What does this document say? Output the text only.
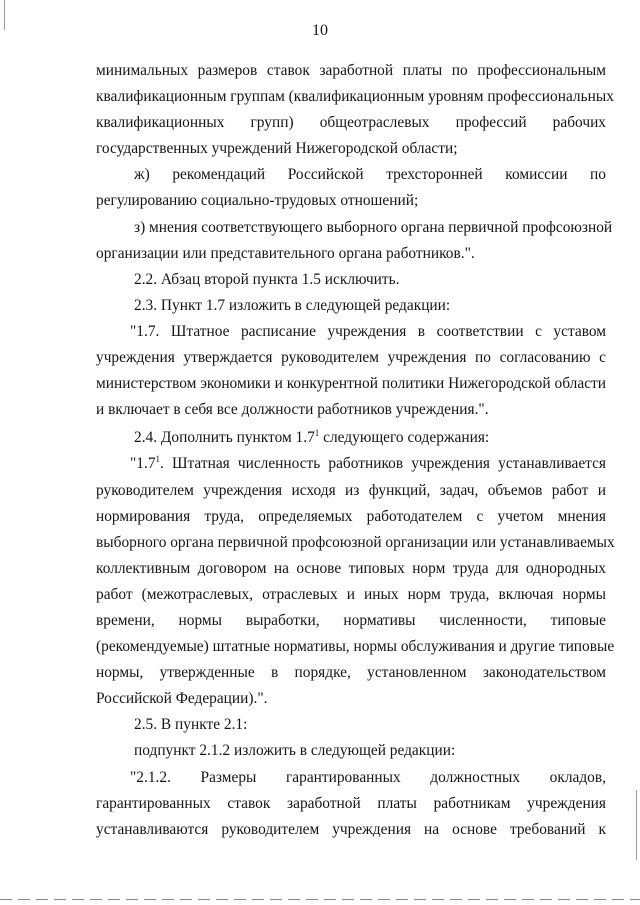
10
минимальных размеров ставок заработной платы по профессиональным
квалификационным группам (квалификационным уровням профессиональных
квалификационных групп) общеотраслевых профессий рабочих
государственных учреждений Нижегородской области;
ж) рекомендаций Российской трехсторонней комиссии по
регулированию социально-трудовых отношений;
з) мнения соответствующего выборного органа первичной профсоюзной
организации или представительного органа работников.".
2.2. Абзац второй пункта 1.5 исключить.
2.3. Пункт 1.7 изложить в следующей редакции:
"1.7. Штатное расписание учреждения в соответствии с уставом
учреждения утверждается руководителем учреждения по согласованию с
министерством экономики и конкурентной политики Нижегородской области
и включает в себя все должности работников учреждения.".
2.4. Дополнить пунктом $1.7^1$ следующего содержания:
"$1.7^1$. Штатная численность работников учреждения устанавливается
руководителем учреждения исходя из функций, задач, объемов работ и
нормирования труда, определяемых работодателем с учетом мнения
выборного органа первичной профсоюзной организации или устанавливаемых
коллективным договором на основе типовых норм труда для однородных
работ (межотраслевых, отраслевых и иных норм труда, включая нормы
времени, нормы выработки, нормативы численности, типовые
(рекомендуемые) штатные нормативы, нормы обслуживания и другие типовые
нормы, утвержденные в порядке, установленном законодательством
Российской Федерации).".
2.5. В пункте 2.1:
подпункт 2.1.2 изложить в следующей редакции:
"2.1.2. Размеры гарантированных должностных окладов,
гарантированных ставок заработной платы работникам учреждения
устанавливаются руководителем учреждения на основе требований к
